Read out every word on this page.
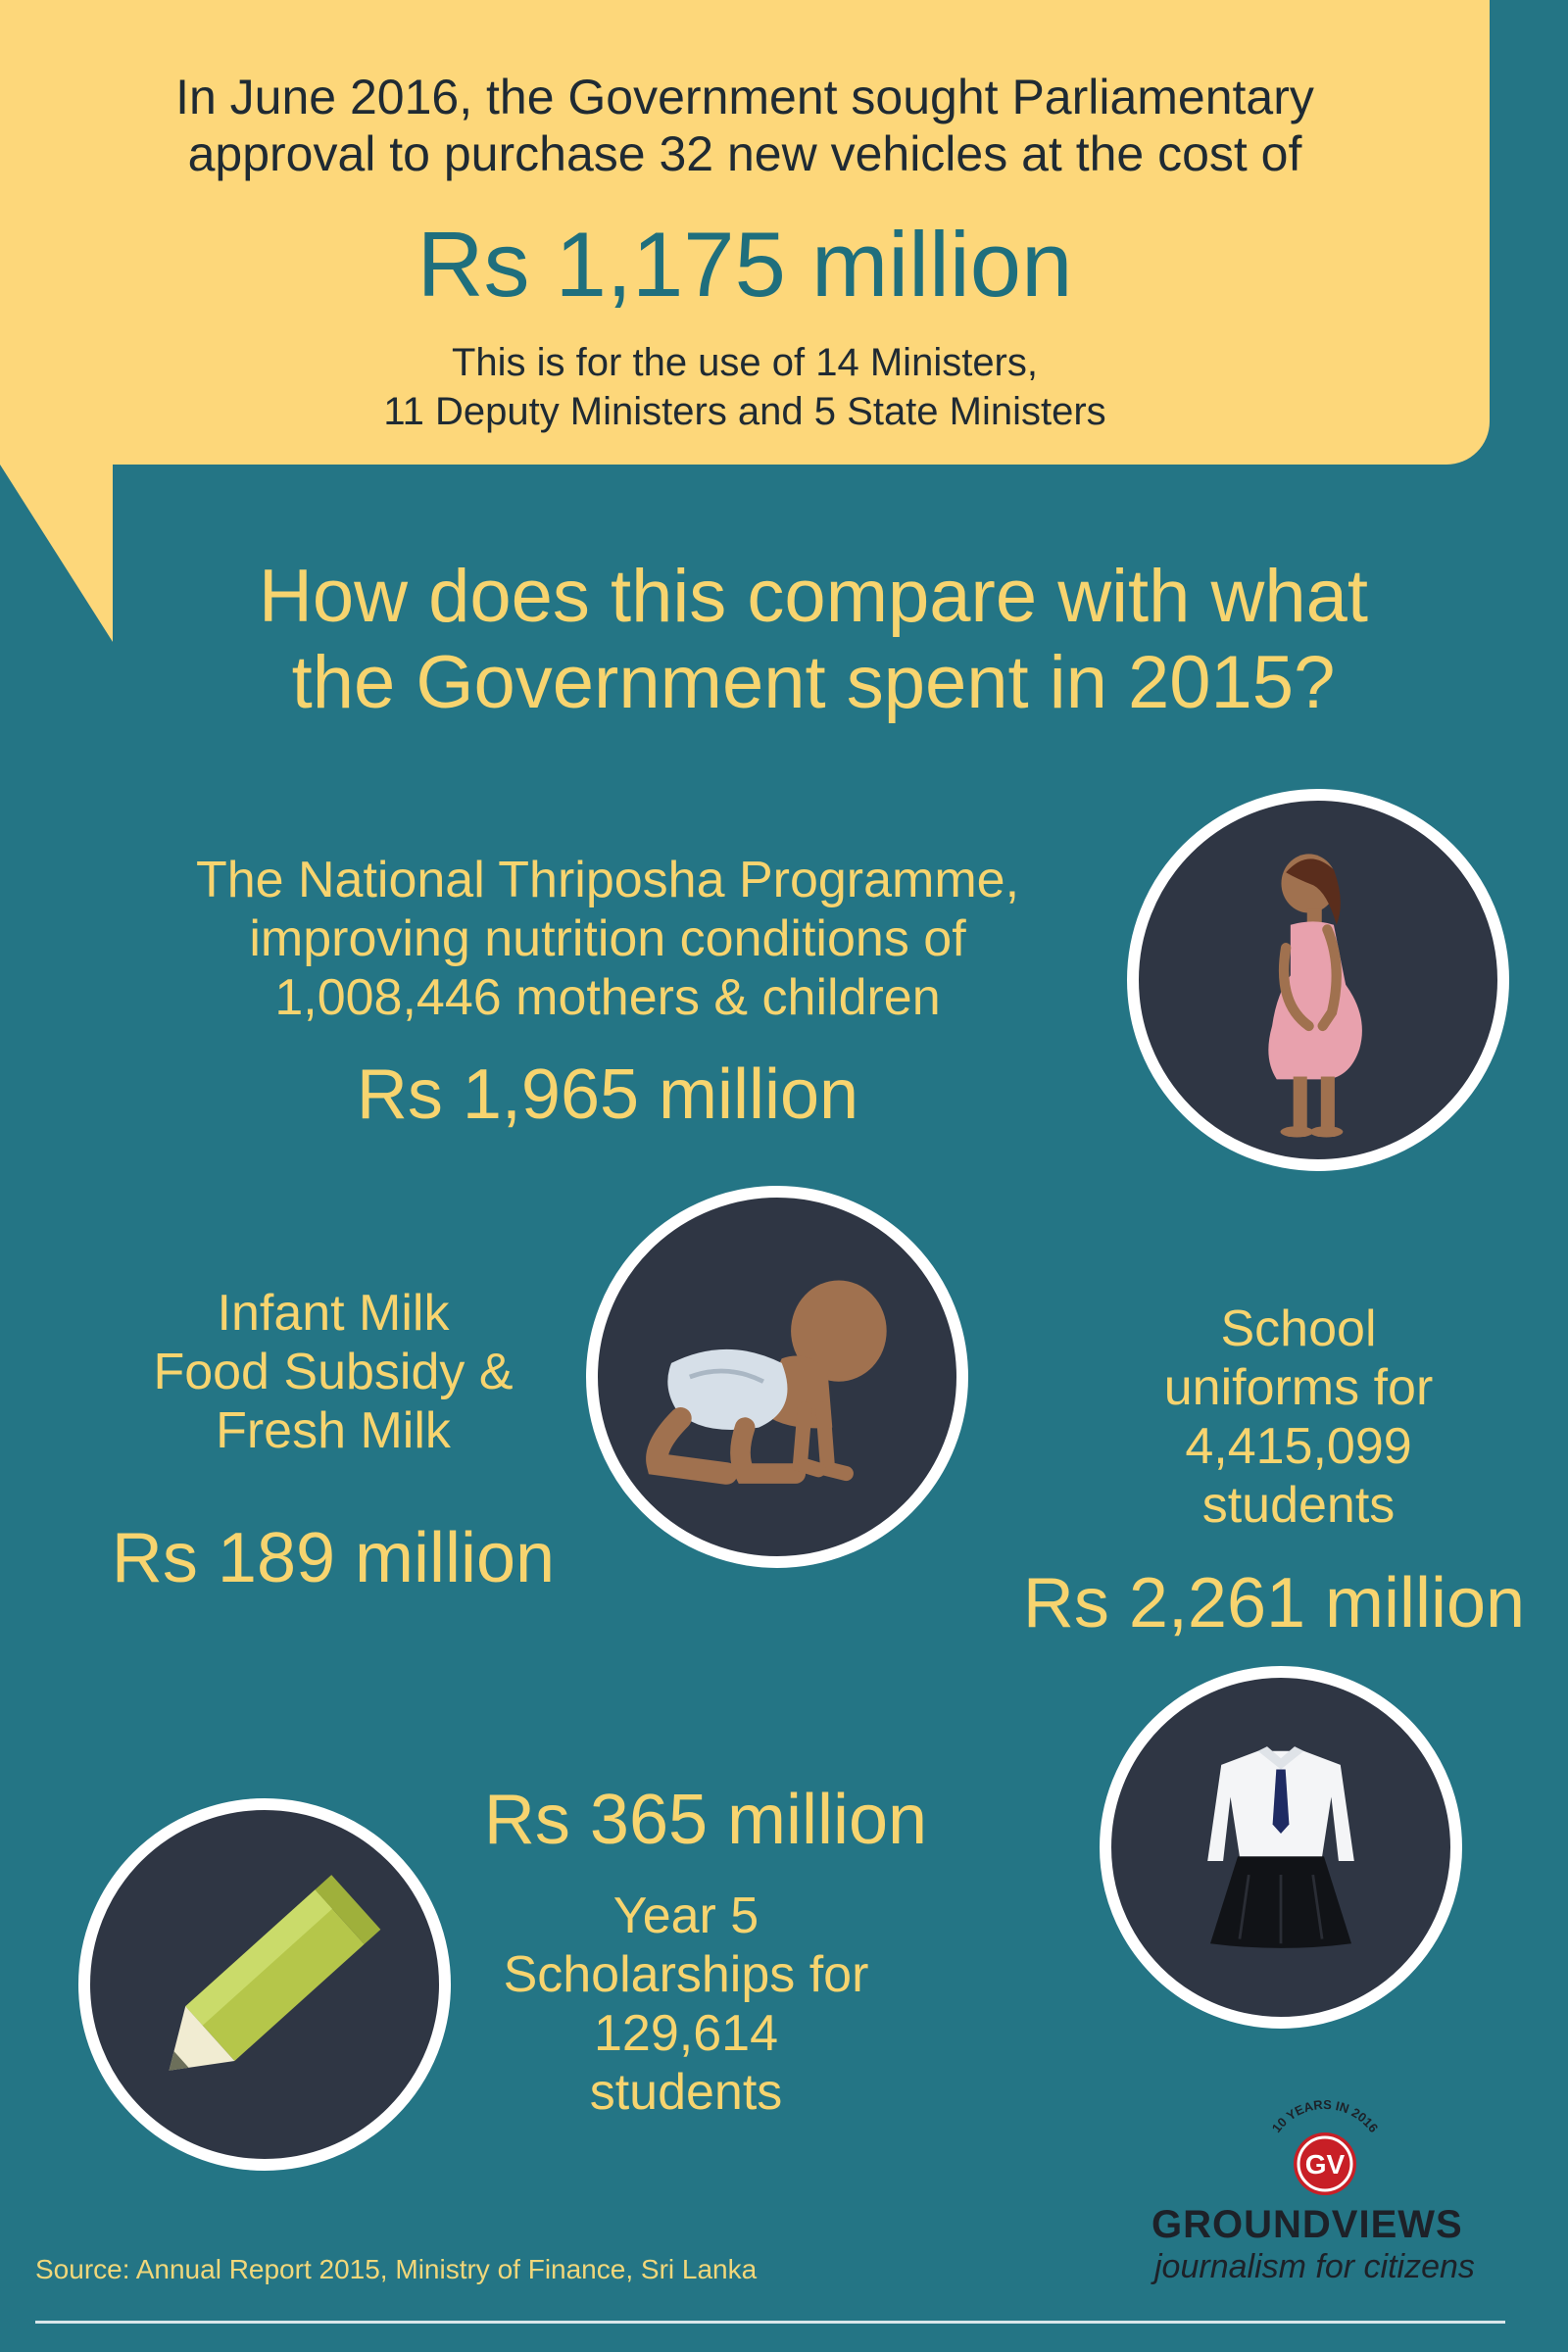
In June 2016, the Government sought Parliamentary
approval to purchase 32 new vehicles at the cost of
Rs 1,175 million
This is for the use of 14 Ministers,
11 Deputy Ministers and 5 State Ministers
How does this compare with what
the Government spent in 2015?
The National Thriposha Programme,
improving nutrition conditions of
1,008,446 mothers & children
Rs 1,965 million
Infant Milk
Food Subsidy &
Fresh Milk
Rs 189 million
School
uniforms for
4,415,099
students
Rs 2,261 million
Rs 365 million
Year 5
Scholarships for
129,614
students
Source: Annual Report 2015, Ministry of Finance, Sri Lanka
10 YEARS IN 2016
GV
GROUNDVIEWS
journalism for citizens
